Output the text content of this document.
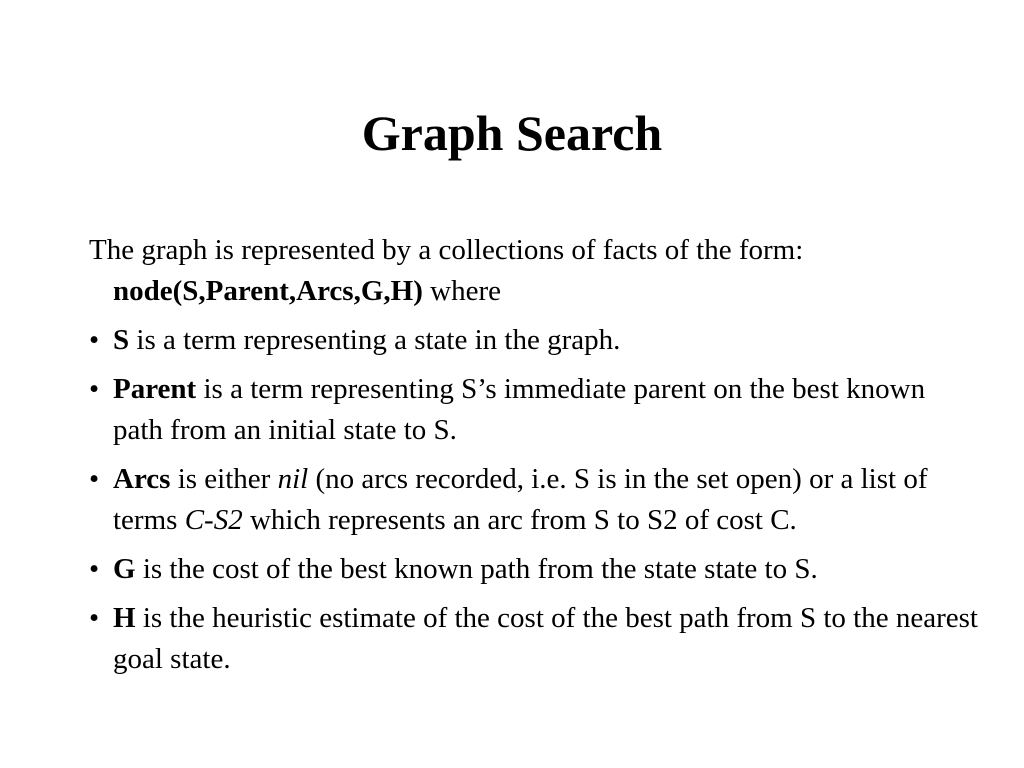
Graph Search

The graph is represented by a collections of facts of the form:
node(S,Parent,Arcs,G,H) where

• S is a term representing a state in the graph.
• Parent is a term representing S’s immediate parent on the best known path from an initial state to S.
• Arcs is either nil (no arcs recorded, i.e. S is in the set open) or a list of terms C-S2 which represents an arc from S to S2 of cost C.
• G is the cost of the best known path from the state state to S.
• H is the heuristic estimate of the cost of the best path from S to the nearest goal state.
